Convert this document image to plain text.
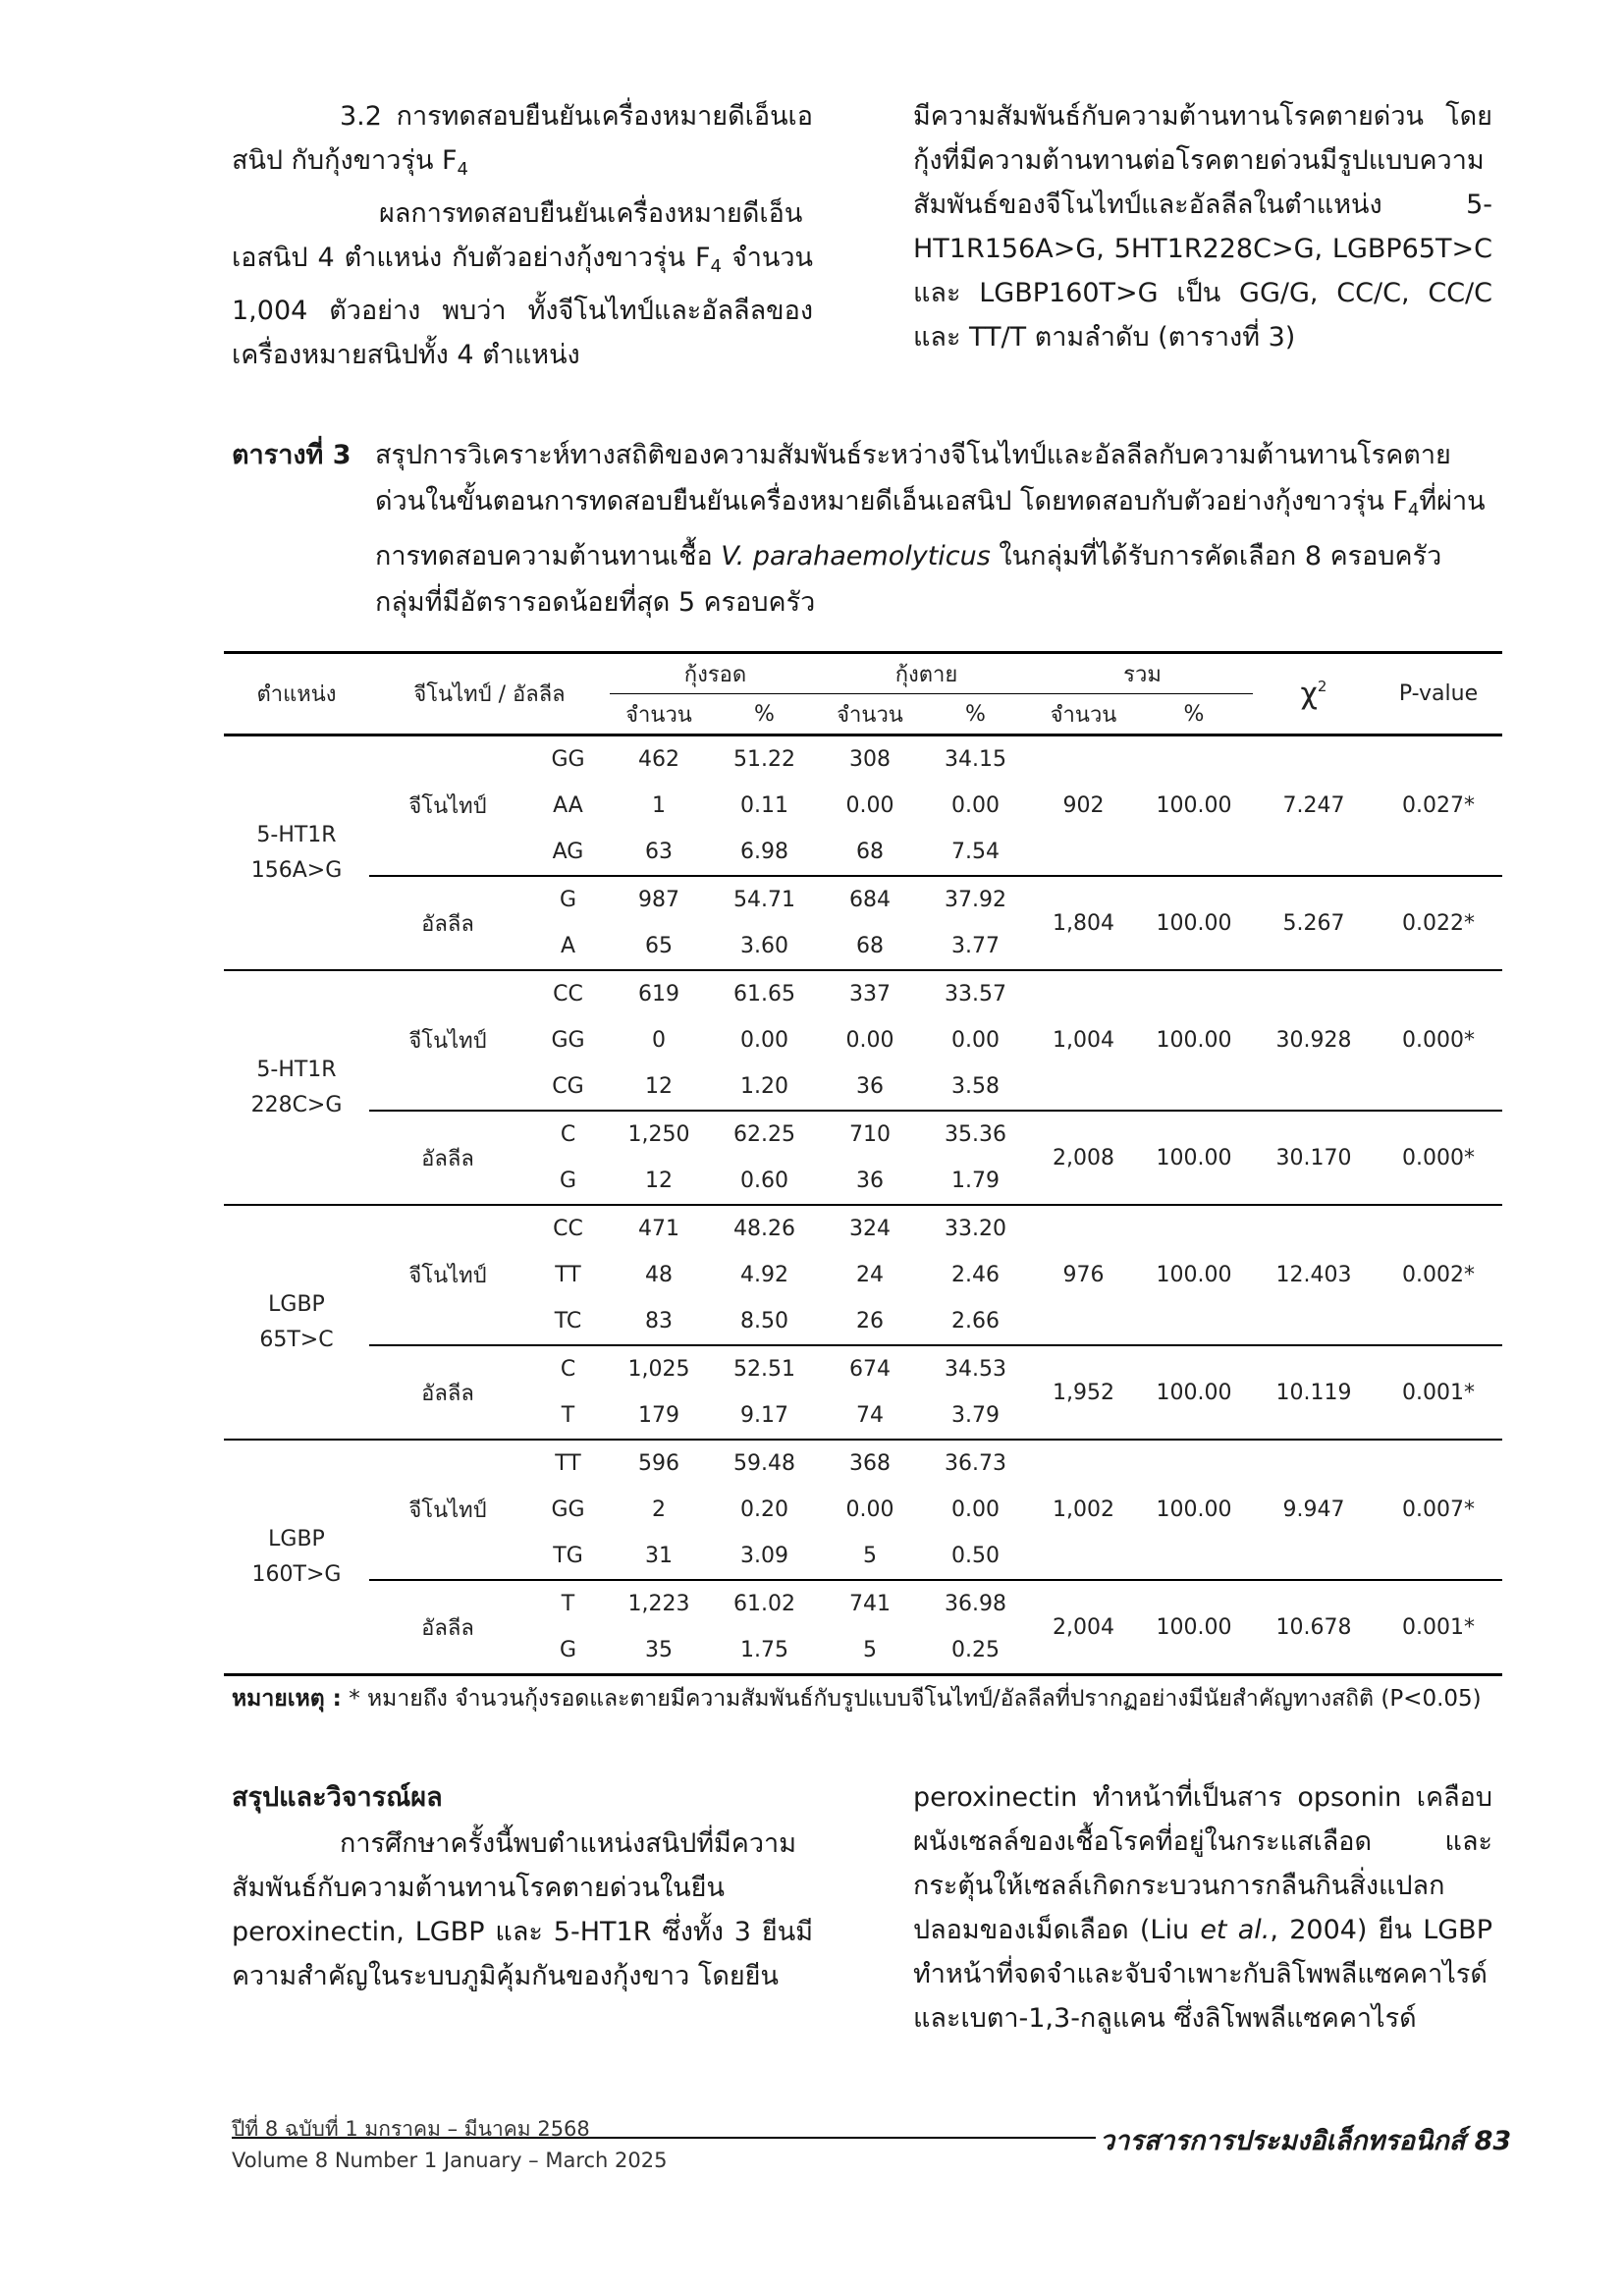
3.2 การทดสอบยืนยันเครื่องหมายดีเอ็นเอสนิป กับกุ้งขาวรุ่น $F_4$

ผลการทดสอบยืนยันเครื่องหมายดีเอ็นเอสนิป 4 ตำแหน่ง กับตัวอย่างกุ้งขาวรุ่น $F_4$ จำนวน 1,004 ตัวอย่าง พบว่า ทั้งจีโนไทป์และอัลลีลของเครื่องหมายสนิปทั้ง 4 ตำแหน่ง

มีความสัมพันธ์กับความต้านทานโรคตายด่วน โดยกุ้งที่มีความต้านทานต่อโรคตายด่วนมีรูปแบบความสัมพันธ์ของจีโนไทป์และอัลลีลในตำแหน่ง 5-HT1R156A>G, 5HT1R228C>G, LGBP65T>C และ LGBP160T>G เป็น GG/G, CC/C, CC/C และ TT/T ตามลำดับ (ตารางที่ 3)

ตารางที่ 3 สรุปการวิเคราะห์ทางสถิติของความสัมพันธ์ระหว่างจีโนไทป์และอัลลีลกับความต้านทานโรคตายด่วนในขั้นตอนการทดสอบยืนยันเครื่องหมายดีเอ็นเอสนิป โดยทดสอบกับตัวอย่างกุ้งขาวรุ่น $F_4$ที่ผ่านการทดสอบความต้านทานเชื้อ V. parahaemolyticus ในกลุ่มที่ได้รับการคัดเลือก 8 ครอบครัว กลุ่มที่มีอัตรารอดน้อยที่สุด 5 ครอบครัว
ตำแหน่ง	จีโนไทป์ / อัลลีล		กุ้งรอด		กุ้งตาย		รวม		$\chi^2$	P-value
			จำนวน	%	จำนวน	%	จำนวน	%		

5-HT1R
156A>G	จีโนไทป์	GG	462	51.22	308	34.15	902	100.00	7.247	0.027*
		AA	1	0.11	0.00	0.00				
		AG	63	6.98	68	7.54				
	อัลลีล	G	987	54.71	684	37.92	1,804	100.00	5.267	0.022*
		A	65	3.60	68	3.77				

5-HT1R
228C>G	จีโนไทป์	CC	619	61.65	337	33.57	1,004	100.00	30.928	0.000*
		GG	0	0.00	0.00	0.00				
		CG	12	1.20	36	3.58				
	อัลลีล	C	1,250	62.25	710	35.36	2,008	100.00	30.170	0.000*
		G	12	0.60	36	1.79				

LGBP
65T>C	จีโนไทป์	CC	471	48.26	324	33.20	976	100.00	12.403	0.002*
		TT	48	4.92	24	2.46				
		TC	83	8.50	26	2.66				
	อัลลีล	C	1,025	52.51	674	34.53	1,952	100.00	10.119	0.001*
		T	179	9.17	74	3.79				

LGBP
160T>G	จีโนไทป์	TT	596	59.48	368	36.73	1,002	100.00	9.947	0.007*
		GG	2	0.20	0.00	0.00				
		TG	31	3.09	5	0.50				
	อัลลีล	T	1,223	61.02	741	36.98	2,004	100.00	10.678	0.001*
		G	35	1.75	5	0.25				
หมายเหตุ : * หมายถึง จำนวนกุ้งรอดและตายมีความสัมพันธ์กับรูปแบบจีโนไทป์/อัลลีลที่ปรากฏอย่างมีนัยสำคัญทางสถิติ (P<0.05)

สรุปและวิจารณ์ผล

การศึกษาครั้งนี้พบตำแหน่งสนิปที่มีความสัมพันธ์กับความต้านทานโรคตายด่วนในยีน peroxinectin, LGBP และ 5-HT1R ซึ่งทั้ง 3 ยีนมีความสำคัญในระบบภูมิคุ้มกันของกุ้งขาว โดยยีน

peroxinectin ทำหน้าที่เป็นสาร opsonin เคลือบผนังเซลล์ของเชื้อโรคที่อยู่ในกระแสเลือด และกระตุ้นให้เซลล์เกิดกระบวนการกลืนกินสิ่งแปลกปลอมของเม็ดเลือด (Liu et al., 2004) ยีน LGBP ทำหน้าที่จดจำและจับจำเพาะกับลิโพพลีแซคคาไรด์และเบตา-1,3-กลูแคน ซึ่งลิโพพลีแซคคาไรด์

ปีที่ 8 ฉบับที่ 1 มกราคม – มีนาคม 2568
Volume 8 Number 1 January – March 2025
วารสารการประมงอิเล็กทรอนิกส์ 83
